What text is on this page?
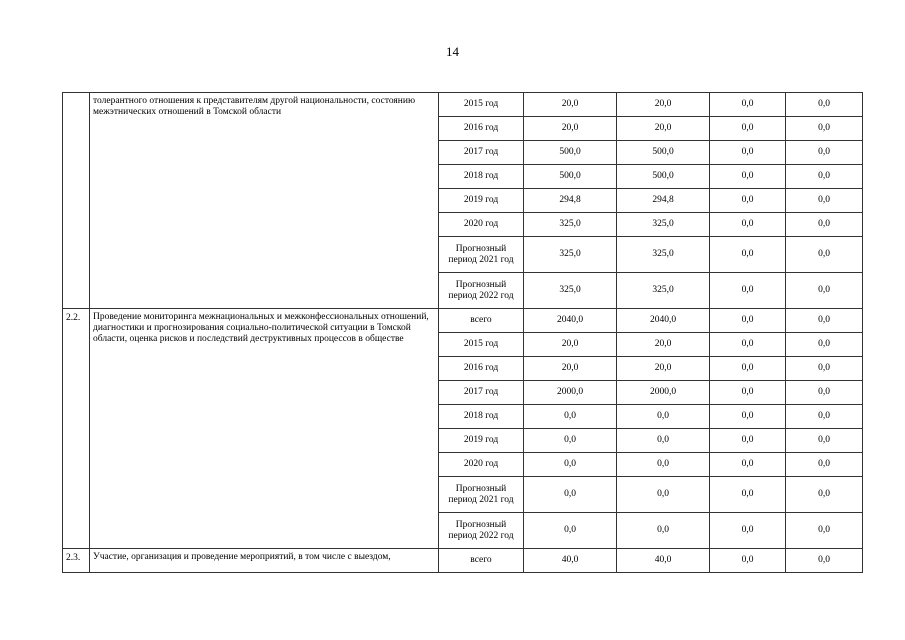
14
	толерантного отношения к представителям другой национальности, состоянию межэтнических отношений в Томской области	2015 год	20,0	20,0	0,0	0,0
		2016 год	20,0	20,0	0,0	0,0
		2017 год	500,0	500,0	0,0	0,0
		2018 год	500,0	500,0	0,0	0,0
		2019 год	294,8	294,8	0,0	0,0
		2020 год	325,0	325,0	0,0	0,0
		Прогнозный период 2021 год	325,0	325,0	0,0	0,0
		Прогнозный период 2022 год	325,0	325,0	0,0	0,0
2.2.	Проведение мониторинга межнациональных и межконфессиональных отношений, диагностики и прогнозирования социально-политической ситуации в Томской области, оценка рисков и последствий деструктивных процессов в обществе	всего	2040,0	2040,0	0,0	0,0
		2015 год	20,0	20,0	0,0	0,0
		2016 год	20,0	20,0	0,0	0,0
		2017 год	2000,0	2000,0	0,0	0,0
		2018 год	0,0	0,0	0,0	0,0
		2019 год	0,0	0,0	0,0	0,0
		2020 год	0,0	0,0	0,0	0,0
		Прогнозный период 2021 год	0,0	0,0	0,0	0,0
		Прогнозный период 2022 год	0,0	0,0	0,0	0,0
2.3.	Участие, организация и проведение мероприятий, в том числе с выездом,	всего	40,0	40,0	0,0	0,0
